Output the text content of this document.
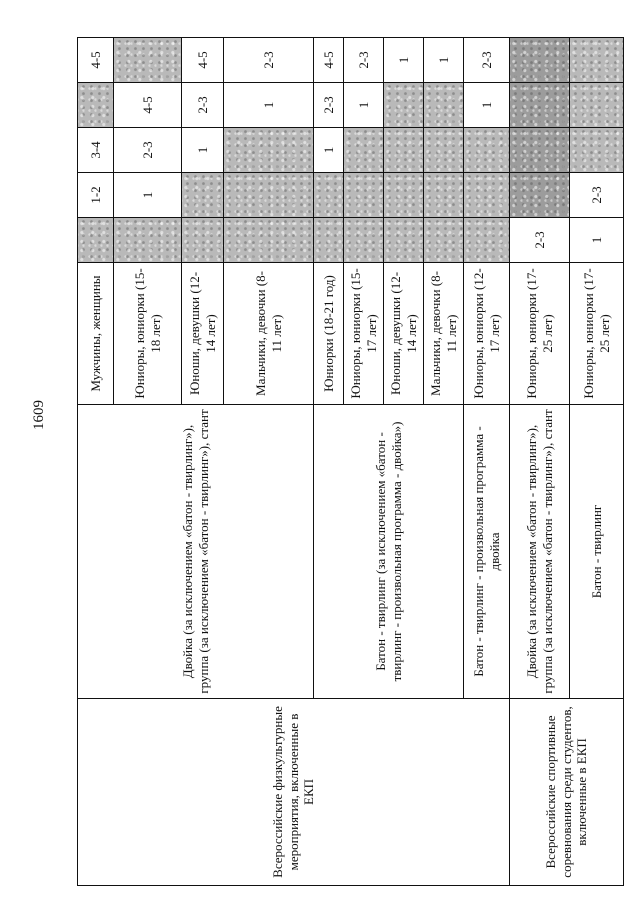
1609
Всероссийские физкультурные мероприятия, включенные в ЕКП	Двойка (за исключением «батон - твирлинг»), группа (за исключением «батон - твирлинг»), стант	Мужчины, женщины		1-2	3-4		4-5
		Юниоры, юниорки (15-18 лет)		1	2-3	4-5	
		Юноши, девушки (12-14 лет)			1	2-3	4-5
		Мальчики, девочки (8-11 лет)				1	2-3
	Батон - твирлинг (за исключением «батон - твирлинг - произвольная программа - двойка»)	Юниорки (18-21 год)			1	2-3	4-5
		Юниоры, юниорки (15-17 лет)				1	2-3
		Юноши, девушки (12-14 лет)					1
		Мальчики, девочки (8-11 лет)					1
	Батон - твирлинг - произвольная программа - двойка	Юниоры, юниорки (12-17 лет)				1	2-3
Всероссийские спортивные соревнования среди студентов, включенные в ЕКП	Двойка (за исключением «батон - твирлинг»), группа (за исключением «батон - твирлинг»), стант	Юниоры, юниорки (17-25 лет)	2-3				
	Батон - твирлинг	Юниоры, юниорки (17-25 лет)	1	2-3			
